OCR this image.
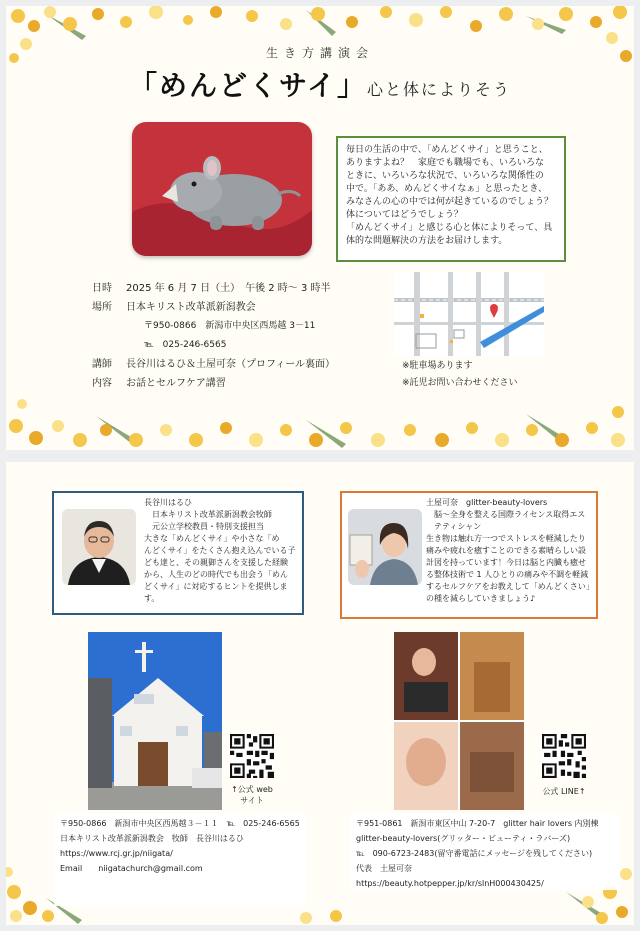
生き方講演会
「めんどくサイ」心と体によりそう
毎日の生活の中で、「めんどくサイ」と思うこと、
ありますよね？　家庭でも職場でも、いろいろな
ときに、いろいろな状況で、いろいろな関係性の
中で。「ああ、めんどくサイなぁ」と思ったとき、
みなさんの心の中では何が起きているのでしょう？
体についてはどうでしょう？
「めんどくサイ」と感じる心と体によりそって、具
体的な問題解決の方法をお届けします。
日時	2025 年 6 月 7 日（土）　午後 2 時～ 3 時半
場所	日本キリスト改革派新潟教会
〒950-0866　新潟市中央区西馬越 3－11
℡　025-246-6565
講師	長谷川はるひ＆土屋可奈（プロフィール裏面）
内容	お話とセルフケア講習
※駐車場あります
※託児お問い合わせください
長谷川はるひ
　日本キリスト改革派新潟教会牧師
　元公立学校教員・特別支援担当
大きな「めんどくサイ」や小さな「め
んどくサイ」をたくさん抱え込んでいる子
ども達と、その親御さんを支援した経験
から、人生のどの時代でも出会う「めん
どくサイ」に対応するヒントを提供しま
す。
土屋可奈　glitter-beauty-lovers
　脳～全身を整える国際ライセンス取得エス
　テティシャン
生き物は触れ方一つでストレスを軽減したり
痛みや疲れを癒すことのできる素晴らしい設
計図を持っています！今日は脳と内臓も癒せ
る整体技術で 1 人ひとりの痛みや不調を軽減
するセルフケアをお教えして「めんどくさい」
の種を減らしていきましょう♪
↑公式 web
サイト
公式 LINE↑
〒950-0866　新潟市中央区西馬越３－１１　℡　025-246-6565
日本キリスト改革派新潟教会　牧師　長谷川はるひ
https://www.rcj.gr.jp/niigata/
Email　　niigatachurch@gmail.com
〒951-0861　新潟市東区中山 7-20-7　glitter hair lovers 内別棟
glitter-beauty-lovers(グリッター・ビューティ・ラバーズ)
℡　090-6723-2483(留守番電話にメッセージを残してください)
代表　土屋可奈
https://beauty.hotpepper.jp/kr/slnH000430425/
